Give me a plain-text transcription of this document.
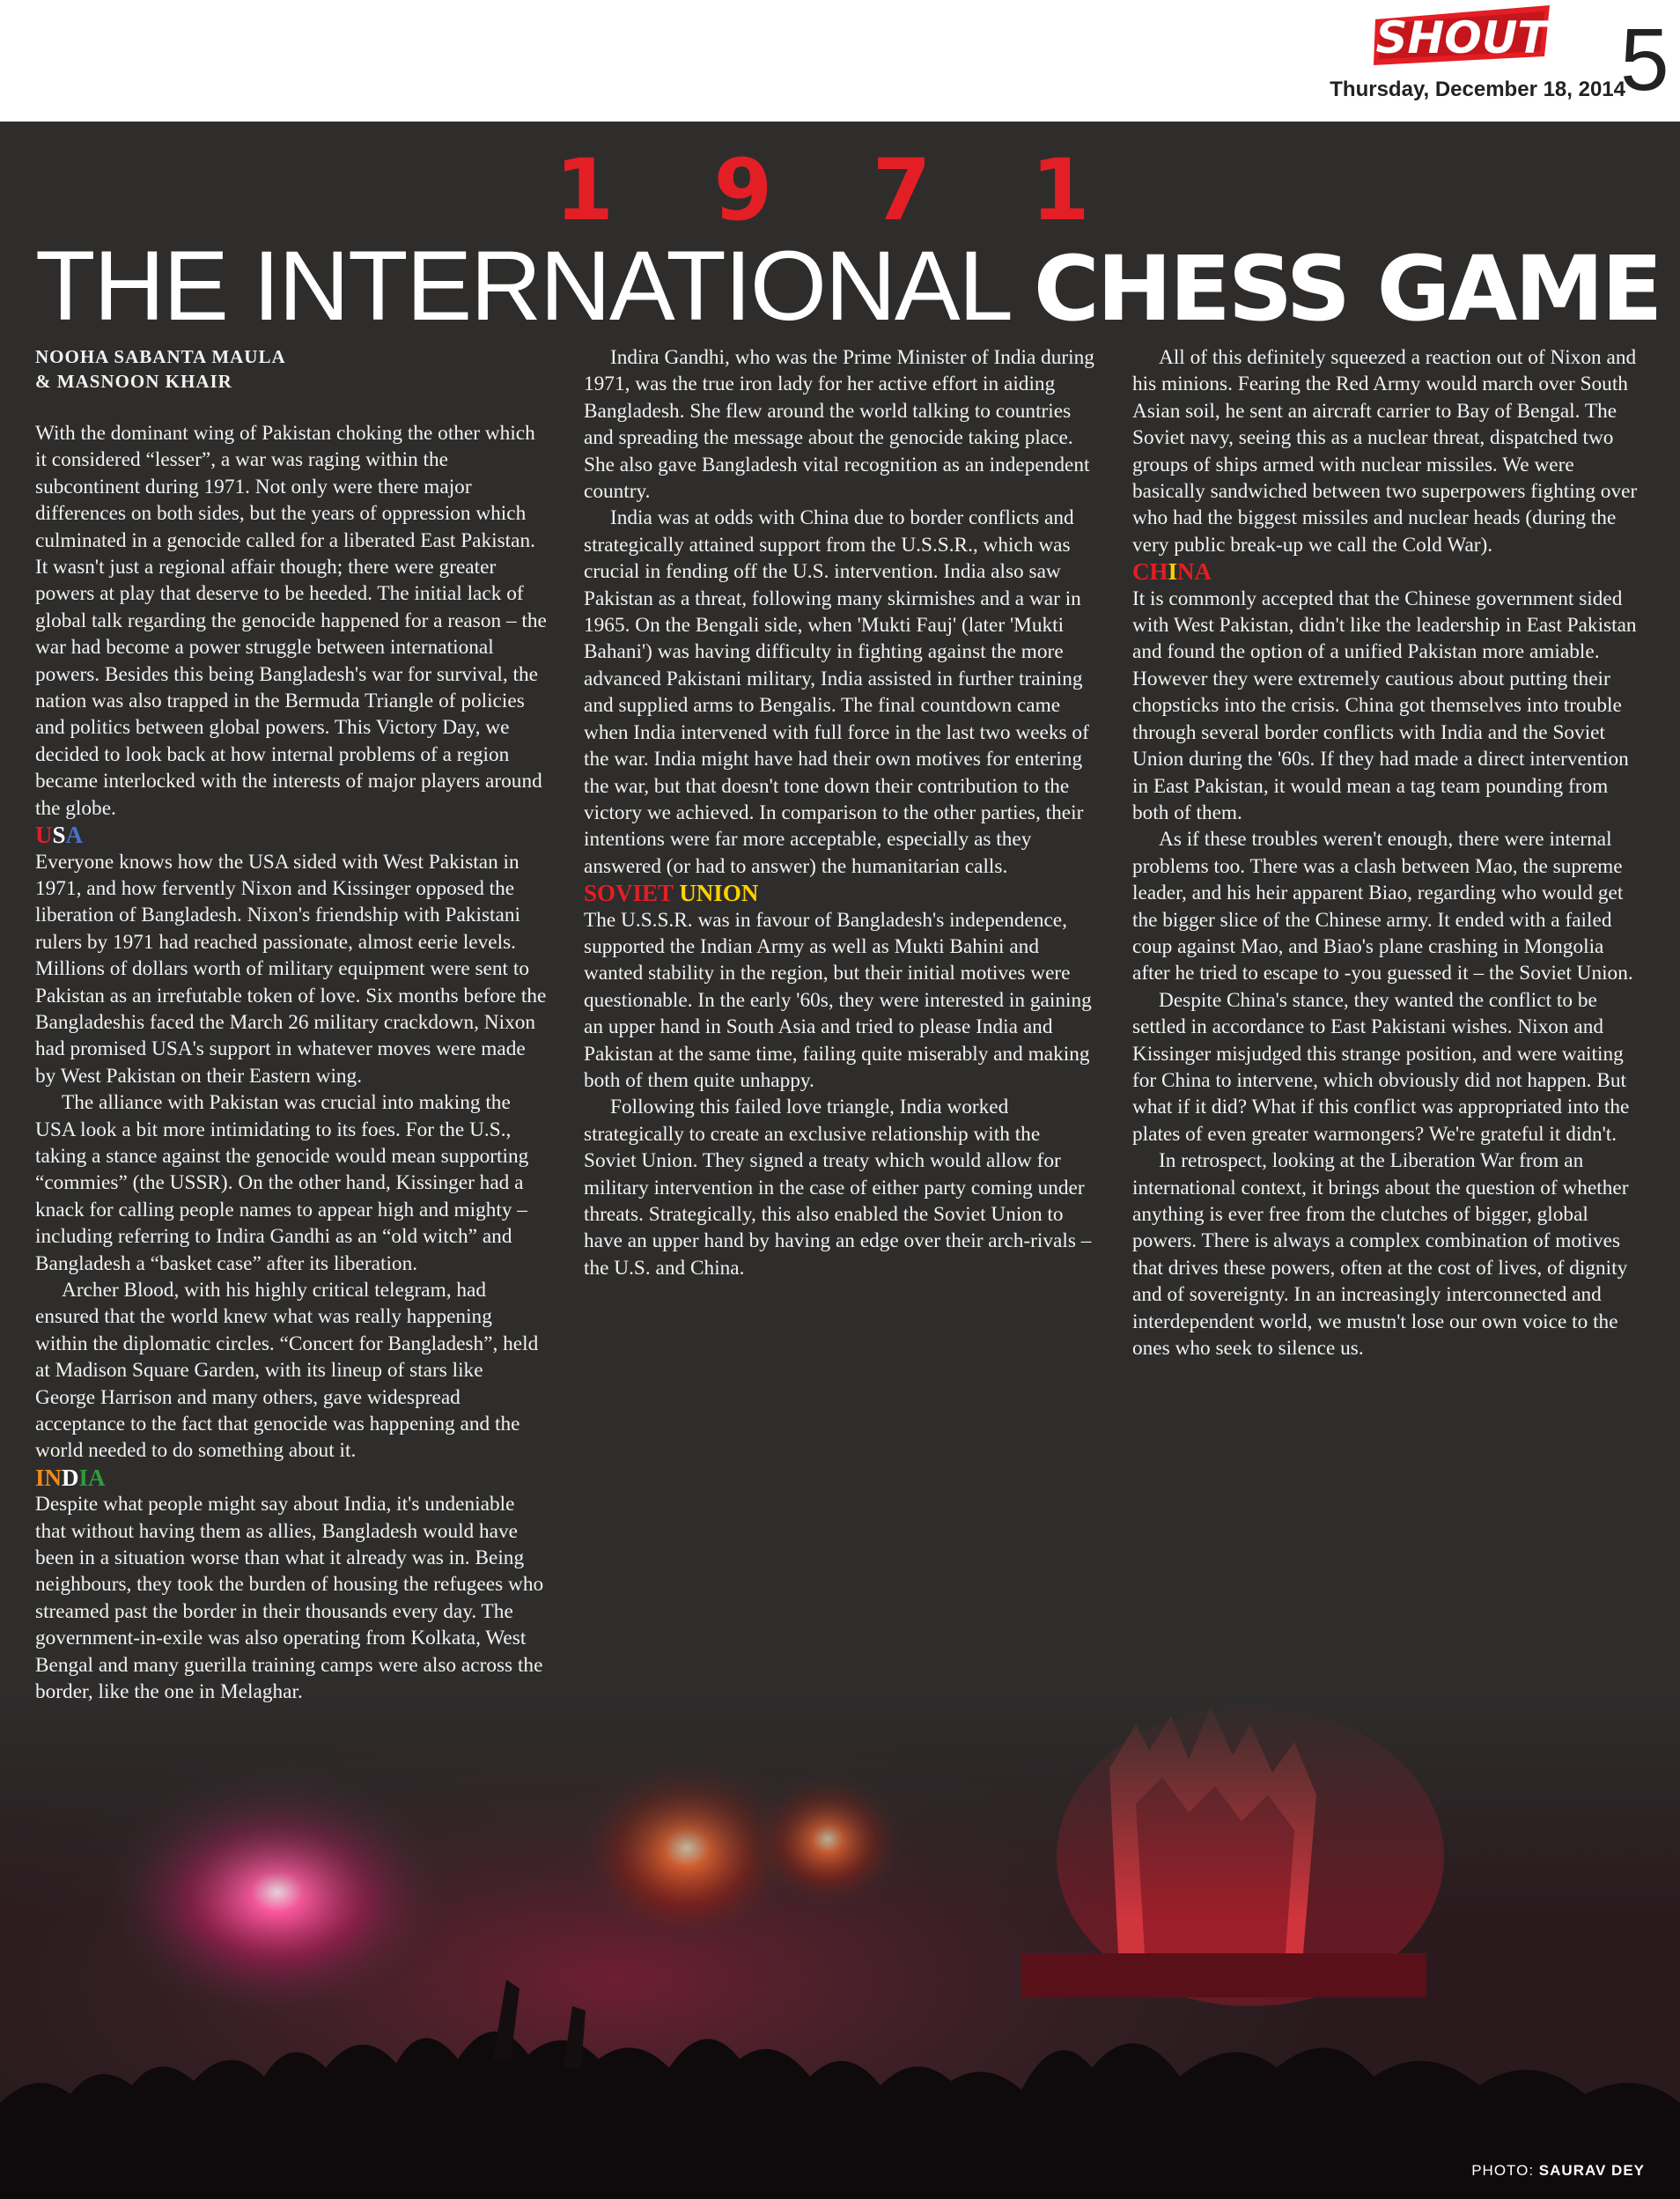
SHOUT
Thursday, December 18, 2014
5
1 9 7 1
THE INTERNATIONAL CHESS GAME
NOOHA SABANTA MAULA
& MASNOON KHAIR

With the dominant wing of Pakistan choking the other which it considered “lesser”, a war was raging within the subcontinent during 1971. Not only were there major differences on both sides, but the years of oppression which culminated in a genocide called for a liberated East Pakistan. It wasn't just a regional affair though; there were greater powers at play that deserve to be heeded. The initial lack of global talk regarding the genocide happened for a reason – the war had become a power struggle between international powers. Besides this being Bangladesh's war for survival, the nation was also trapped in the Bermuda Triangle of policies and politics between global powers. This Victory Day, we decided to look back at how internal problems of a region became interlocked with the interests of major players around the globe.

USA

Everyone knows how the USA sided with West Pakistan in 1971, and how fervently Nixon and Kissinger opposed the liberation of Bangladesh. Nixon's friendship with Pakistani rulers by 1971 had reached passionate, almost eerie levels. Millions of dollars worth of military equipment were sent to Pakistan as an irrefutable token of love. Six months before the Bangladeshis faced the March 26 military crackdown, Nixon had promised USA's support in whatever moves were made by West Pakistan on their Eastern wing.

The alliance with Pakistan was crucial into making the USA look a bit more intimidating to its foes. For the U.S., taking a stance against the genocide would mean supporting “commies” (the USSR). On the other hand, Kissinger had a knack for calling people names to appear high and mighty – including referring to Indira Gandhi as an “old witch” and Bangladesh a “basket case” after its liberation.

Archer Blood, with his highly critical telegram, had ensured that the world knew what was really happening within the diplomatic circles. “Concert for Bangladesh”, held at Madison Square Garden, with its lineup of stars like George Harrison and many others, gave widespread acceptance to the fact that genocide was happening and the world needed to do something about it.

INDIA

Despite what people might say about India, it's undeniable that without having them as allies, Bangladesh would have been in a situation worse than what it already was in. Being neighbours, they took the burden of housing the refugees who streamed past the border in their thousands every day. The government-in-exile was also operating from Kolkata, West Bengal and many guerilla training camps were also across the border, like the one in Melaghar.

Indira Gandhi, who was the Prime Minister of India during 1971, was the true iron lady for her active effort in aiding Bangladesh. She flew around the world talking to countries and spreading the message about the genocide taking place. She also gave Bangladesh vital recognition as an independent country.

India was at odds with China due to border conflicts and strategically attained support from the U.S.S.R., which was crucial in fending off the U.S. intervention. India also saw Pakistan as a threat, following many skirmishes and a war in 1965. On the Bengali side, when 'Mukti Fauj' (later 'Mukti Bahani') was having difficulty in fighting against the more advanced Pakistani military, India assisted in further training and supplied arms to Bengalis. The final countdown came when India intervened with full force in the last two weeks of the war. India might have had their own motives for entering the war, but that doesn't tone down their contribution to the victory we achieved. In comparison to the other parties, their intentions were far more acceptable, especially as they answered (or had to answer) the humanitarian calls.

SOVIET UNION

The U.S.S.R. was in favour of Bangladesh's independence, supported the Indian Army as well as Mukti Bahini and wanted stability in the region, but their initial motives were questionable. In the early '60s, they were interested in gaining an upper hand in South Asia and tried to please India and Pakistan at the same time, failing quite miserably and making both of them quite unhappy.

Following this failed love triangle, India worked strategically to create an exclusive relationship with the Soviet Union. They signed a treaty which would allow for military intervention in the case of either party coming under threats. Strategically, this also enabled the Soviet Union to have an upper hand by having an edge over their arch-rivals – the U.S. and China.

All of this definitely squeezed a reaction out of Nixon and his minions. Fearing the Red Army would march over South Asian soil, he sent an aircraft carrier to Bay of Bengal. The Soviet navy, seeing this as a nuclear threat, dispatched two groups of ships armed with nuclear missiles. We were basically sandwiched between two superpowers fighting over who had the biggest missiles and nuclear heads (during the very public break-up we call the Cold War).

CHINA

It is commonly accepted that the Chinese government sided with West Pakistan, didn't like the leadership in East Pakistan and found the option of a unified Pakistan more amiable. However they were extremely cautious about putting their chopsticks into the crisis. China got themselves into trouble through several border conflicts with India and the Soviet Union during the '60s. If they had made a direct intervention in East Pakistan, it would mean a tag team pounding from both of them.

As if these troubles weren't enough, there were internal problems too. There was a clash between Mao, the supreme leader, and his heir apparent Biao, regarding who would get the bigger slice of the Chinese army. It ended with a failed coup against Mao, and Biao's plane crashing in Mongolia after he tried to escape to -you guessed it – the Soviet Union.

Despite China's stance, they wanted the conflict to be settled in accordance to East Pakistani wishes. Nixon and Kissinger misjudged this strange position, and were waiting for China to intervene, which obviously did not happen. But what if it did? What if this conflict was appropriated into the plates of even greater warmongers? We're grateful it didn't.

In retrospect, looking at the Liberation War from an international context, it brings about the question of whether anything is ever free from the clutches of bigger, global powers. There is always a complex combination of motives that drives these powers, often at the cost of lives, of dignity and of sovereignty. In an increasingly interconnected and interdependent world, we mustn't lose our own voice to the ones who seek to silence us.

PHOTO: SAURAV DEY
